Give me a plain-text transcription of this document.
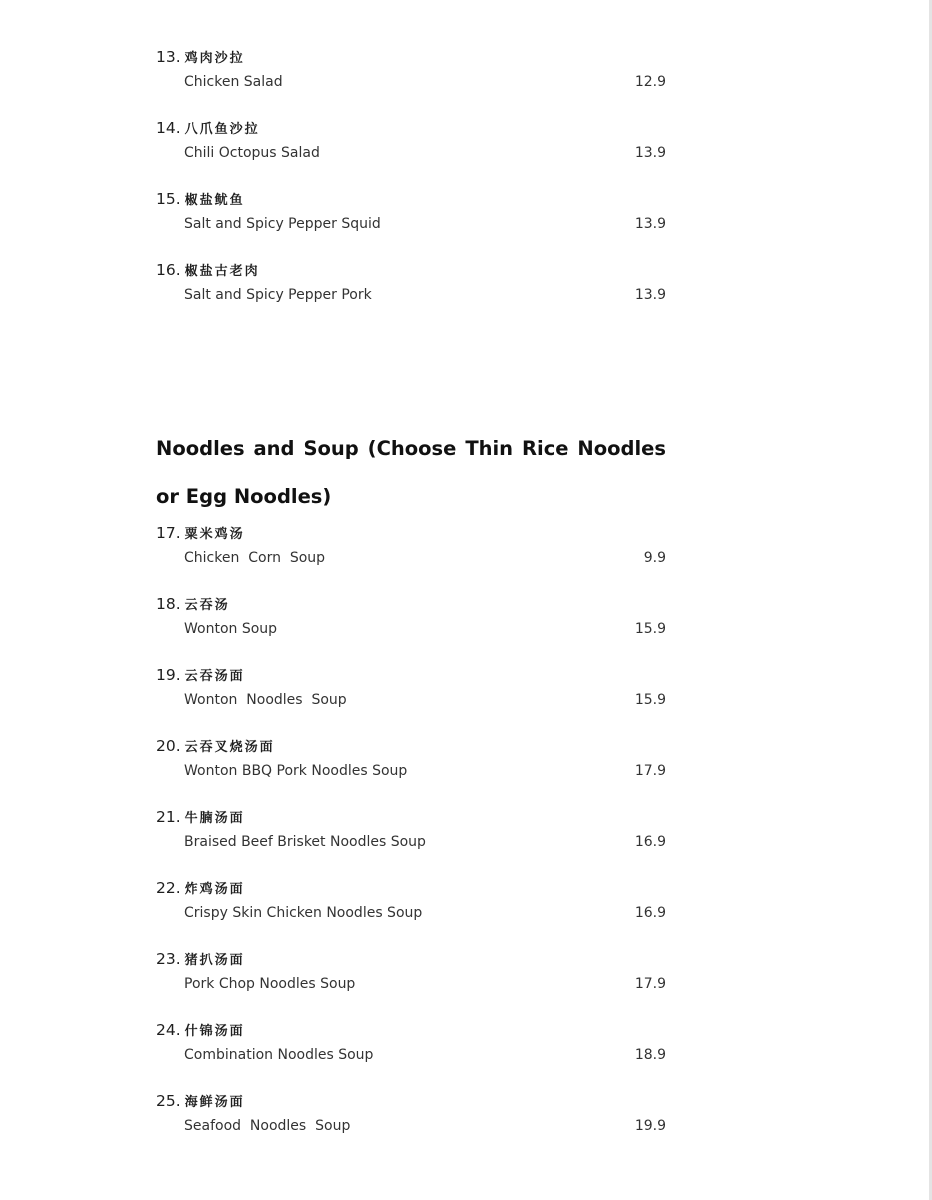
13. 鸡肉沙拉
Chicken Salad	12.9
14. 八爪鱼沙拉
Chili Octopus Salad	13.9
15. 椒盐鱿鱼
Salt and Spicy Pepper Squid	13.9
16. 椒盐古老肉
Salt and Spicy Pepper Pork	13.9
Noodles and Soup (Choose Thin Rice Noodles or Egg Noodles)
17. 粟米鸡汤
Chicken  Corn  Soup	9.9
18. 云吞汤
Wonton Soup	15.9
19. 云吞汤面
Wonton  Noodles  Soup	15.9
20. 云吞叉烧汤面
Wonton BBQ Pork Noodles Soup	17.9
21. 牛腩汤面
Braised Beef Brisket Noodles Soup	16.9
22. 炸鸡汤面
Crispy Skin Chicken Noodles Soup	16.9
23. 猪扒汤面
Pork Chop Noodles Soup	17.9
24. 什锦汤面
Combination Noodles Soup	18.9
25. 海鲜汤面
Seafood  Noodles  Soup	19.9
